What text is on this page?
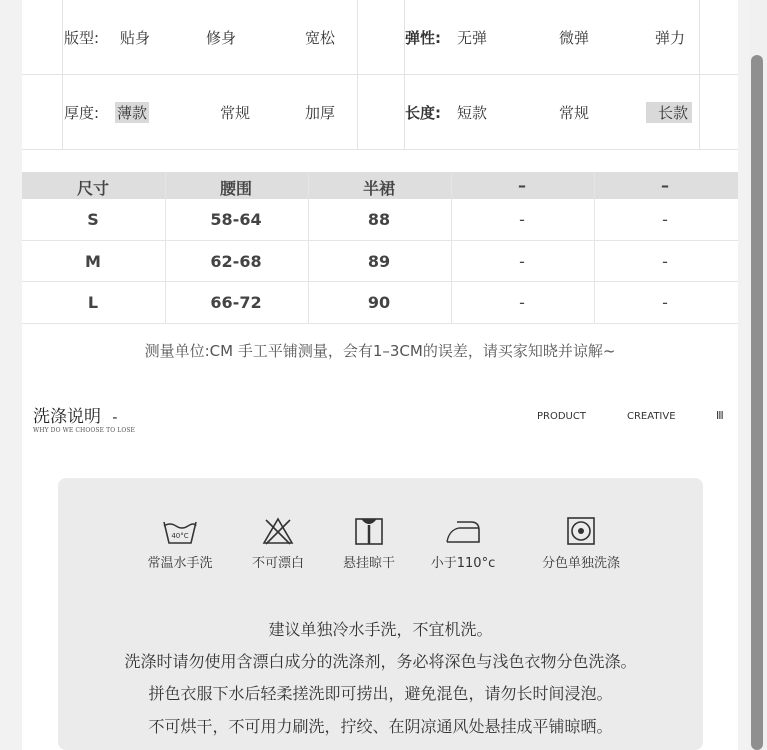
版型: 贴身	修身	宽松	弹性: 无弹	微弹	弹力
厚度: 薄款	常规	加厚	长度: 短款	常规	长款
尺寸	腰围	半裙	–	–
S	58-64	88	-	-
M	62-68	89	-	-
L	66-72	90	-	-
测量单位:CM 手工平铺测量，会有1–3CM的误差，请买家知晓并谅解~
洗涤说明 -
WHY DO WE CHOOSE TO LOSE
PRODUCT	CREATIVE	III
40°C
常温水手洗	不可漂白	悬挂晾干	小于110°c	分色单独洗涤
建议单独冷水手洗，不宜机洗。
洗涤时请勿使用含漂白成分的洗涤剂，务必将深色与浅色衣物分色洗涤。
拼色衣服下水后轻柔搓洗即可捞出，避免混色，请勿长时间浸泡。
不可烘干，不可用力刷洗，拧绞、在阴凉通风处悬挂成平铺晾晒。
